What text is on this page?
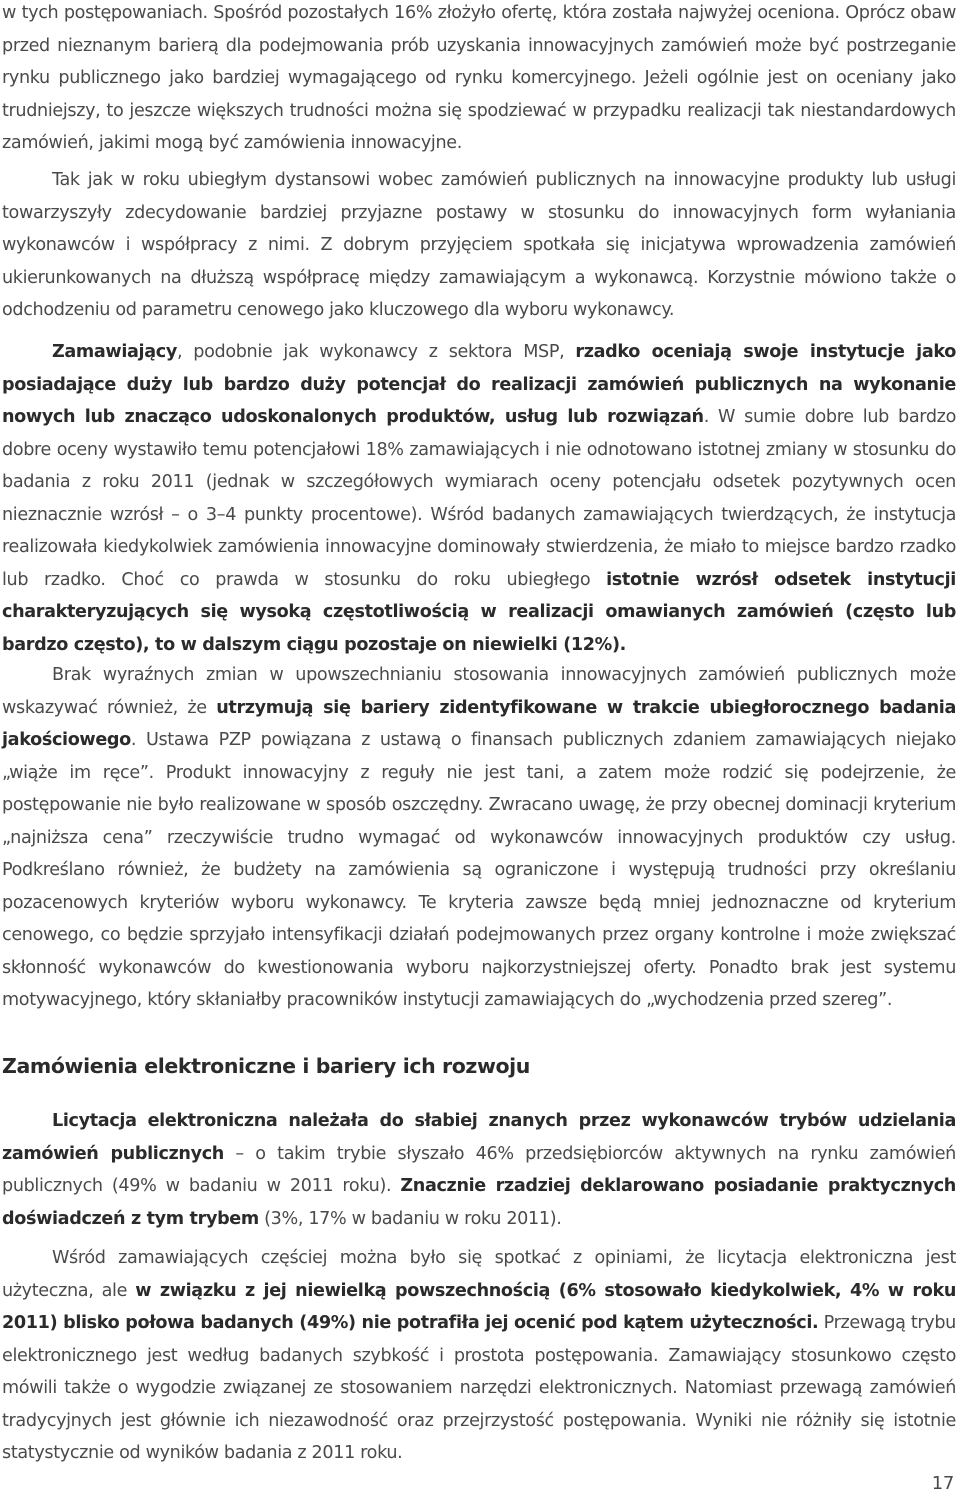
w tych postępowaniach. Spośród pozostałych 16% złożyło ofertę, która została najwyżej oceniona. Oprócz obaw przed nieznanym barierą dla podejmowania prób uzyskania innowacyjnych zamówień może być postrzeganie rynku publicznego jako bardziej wymagającego od rynku komercyjnego. Jeżeli ogólnie jest on oceniany jako trudniejszy, to jeszcze większych trudności można się spodziewać w przypadku realizacji tak niestandardowych zamówień, jakimi mogą być zamówienia innowacyjne.

Tak jak w roku ubiegłym dystansowi wobec zamówień publicznych na innowacyjne produkty lub usługi towarzyszyły zdecydowanie bardziej przyjazne postawy w stosunku do innowacyjnych form wyłaniania wykonawców i współpracy z nimi. Z dobrym przyjęciem spotkała się inicjatywa wprowadzenia zamówień ukierunkowanych na dłuższą współpracę między zamawiającym a wykonawcą. Korzystnie mówiono także o odchodzeniu od parametru cenowego jako kluczowego dla wyboru wykonawcy.

Zamawiający, podobnie jak wykonawcy z sektora MSP, rzadko oceniają swoje instytucje jako posiadające duży lub bardzo duży potencjał do realizacji zamówień publicznych na wykonanie nowych lub znacząco udoskonalonych produktów, usług lub rozwiązań. W sumie dobre lub bardzo dobre oceny wystawiło temu potencjałowi 18% zamawiających i nie odnotowano istotnej zmiany w stosunku do badania z roku 2011 (jednak w szczegółowych wymiarach oceny potencjału odsetek pozytywnych ocen nieznacznie wzrósł – o 3–4 punkty procentowe). Wśród badanych zamawiających twierdzących, że instytucja realizowała kiedykolwiek zamówienia innowacyjne dominowały stwierdzenia, że miało to miejsce bardzo rzadko lub rzadko. Choć co prawda w stosunku do roku ubiegłego istotnie wzrósł odsetek instytucji charakteryzujących się wysoką częstotliwością w realizacji omawianych zamówień (często lub bardzo często), to w dalszym ciągu pozostaje on niewielki (12%).

Brak wyraźnych zmian w upowszechnianiu stosowania innowacyjnych zamówień publicznych może wskazywać również, że utrzymują się bariery zidentyfikowane w trakcie ubiegłorocznego badania jakościowego. Ustawa PZP powiązana z ustawą o finansach publicznych zdaniem zamawiających niejako „wiąże im ręce”. Produkt innowacyjny z reguły nie jest tani, a zatem może rodzić się podejrzenie, że postępowanie nie było realizowane w sposób oszczędny. Zwracano uwagę, że przy obecnej dominacji kryterium „najniższa cena” rzeczywiście trudno wymagać od wykonawców innowacyjnych produktów czy usług. Podkreślano również, że budżety na zamówienia są ograniczone i występują trudności przy określaniu pozacenowych kryteriów wyboru wykonawcy. Te kryteria zawsze będą mniej jednoznaczne od kryterium cenowego, co będzie sprzyjało intensyfikacji działań podejmowanych przez organy kontrolne i może zwiększać skłonność wykonawców do kwestionowania wyboru najkorzystniejszej oferty. Ponadto brak jest systemu motywacyjnego, który skłaniałby pracowników instytucji zamawiających do „wychodzenia przed szereg”.

Zamówienia elektroniczne i bariery ich rozwoju

Licytacja elektroniczna należała do słabiej znanych przez wykonawców trybów udzielania zamówień publicznych – o takim trybie słyszało 46% przedsiębiorców aktywnych na rynku zamówień publicznych (49% w badaniu w 2011 roku). Znacznie rzadziej deklarowano posiadanie praktycznych doświadczeń z tym trybem (3%, 17% w badaniu w roku 2011).

Wśród zamawiających częściej można było się spotkać z opiniami, że licytacja elektroniczna jest użyteczna, ale w związku z jej niewielką powszechnością (6% stosowało kiedykolwiek, 4% w roku 2011) blisko połowa badanych (49%) nie potrafiła jej ocenić pod kątem użyteczności. Przewagą trybu elektronicznego jest według badanych szybkość i prostota postępowania. Zamawiający stosunkowo często mówili także o wygodzie związanej ze stosowaniem narzędzi elektronicznych. Natomiast przewagą zamówień tradycyjnych jest głównie ich niezawodność oraz przejrzystość postępowania. Wyniki nie różniły się istotnie statystycznie od wyników badania z 2011 roku.

17
